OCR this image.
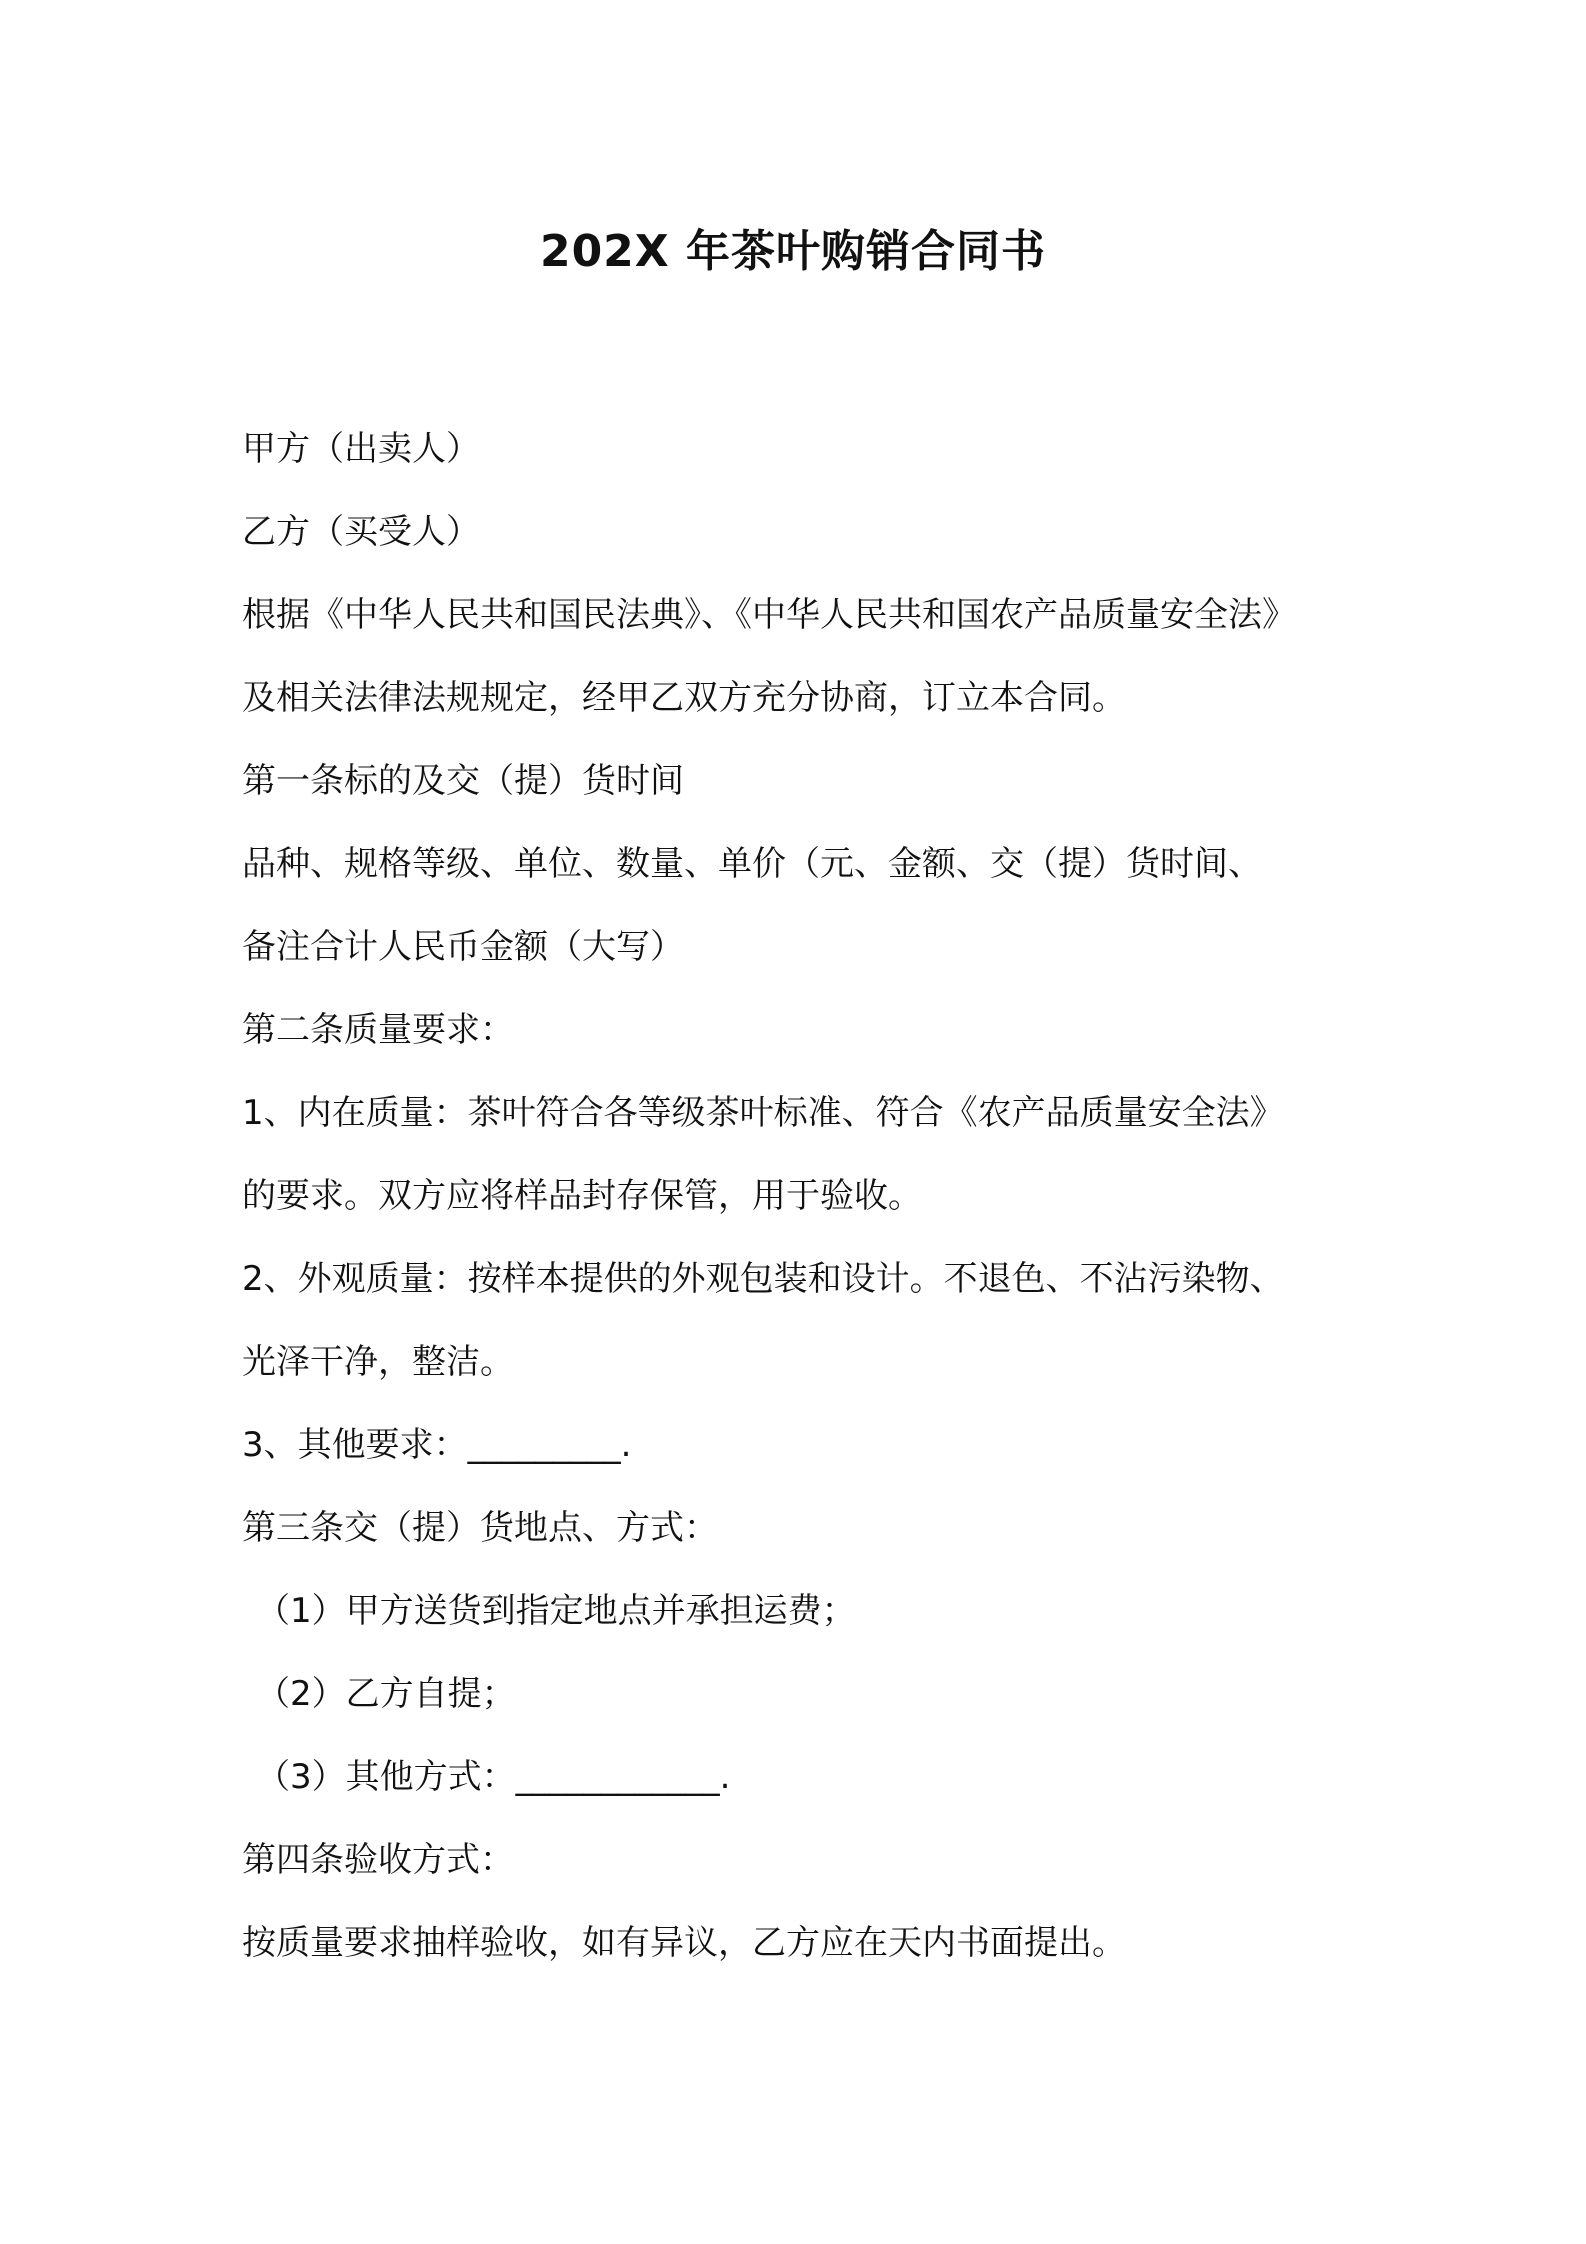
202X 年茶叶购销合同书

甲方（出卖人）

乙方（买受人）

根据《中华人民共和国民法典》、《中华人民共和国农产品质量安全法》

及相关法律法规规定，经甲乙双方充分协商，订立本合同。

第一条标的及交（提）货时间

品种、规格等级、单位、数量、单价（元、金额、交（提）货时间、

备注合计人民币金额（大写）

第二条质量要求：

1、内在质量：茶叶符合各等级茶叶标准、符合《农产品质量安全法》

的要求。双方应将样品封存保管，用于验收。

2、外观质量：按样本提供的外观包装和设计。不退色、不沾污染物、

光泽干净，整洁。

3、其他要求：_________.

第三条交（提）货地点、方式：

（1）甲方送货到指定地点并承担运费；

（2）乙方自提；

（3）其他方式：____________.

第四条验收方式：

按质量要求抽样验收，如有异议，乙方应在天内书面提出。
